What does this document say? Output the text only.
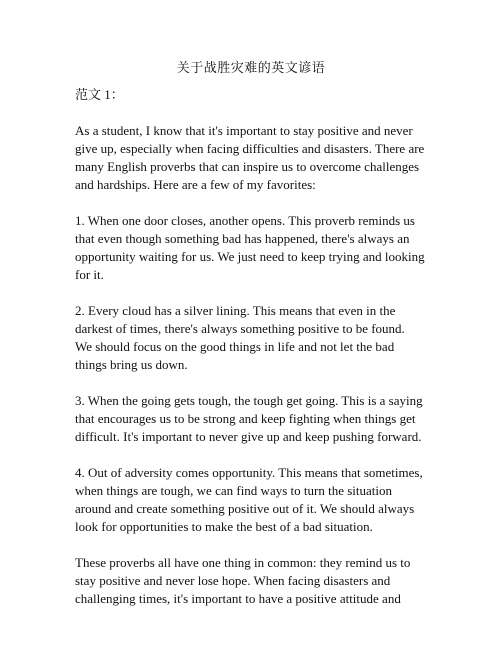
关于战胜灾难的英文谚语
范文 1：

As a student, I know that it's important to stay positive and never
give up, especially when facing difficulties and disasters. There are
many English proverbs that can inspire us to overcome challenges
and hardships. Here are a few of my favorites:

1. When one door closes, another opens. This proverb reminds us
that even though something bad has happened, there's always an
opportunity waiting for us. We just need to keep trying and looking
for it.

2. Every cloud has a silver lining. This means that even in the
darkest of times, there's always something positive to be found.
We should focus on the good things in life and not let the bad
things bring us down.

3. When the going gets tough, the tough get going. This is a saying
that encourages us to be strong and keep fighting when things get
difficult. It's important to never give up and keep pushing forward.

4. Out of adversity comes opportunity. This means that sometimes,
when things are tough, we can find ways to turn the situation
around and create something positive out of it. We should always
look for opportunities to make the best of a bad situation.

These proverbs all have one thing in common: they remind us to
stay positive and never lose hope. When facing disasters and
challenging times, it's important to have a positive attitude and
